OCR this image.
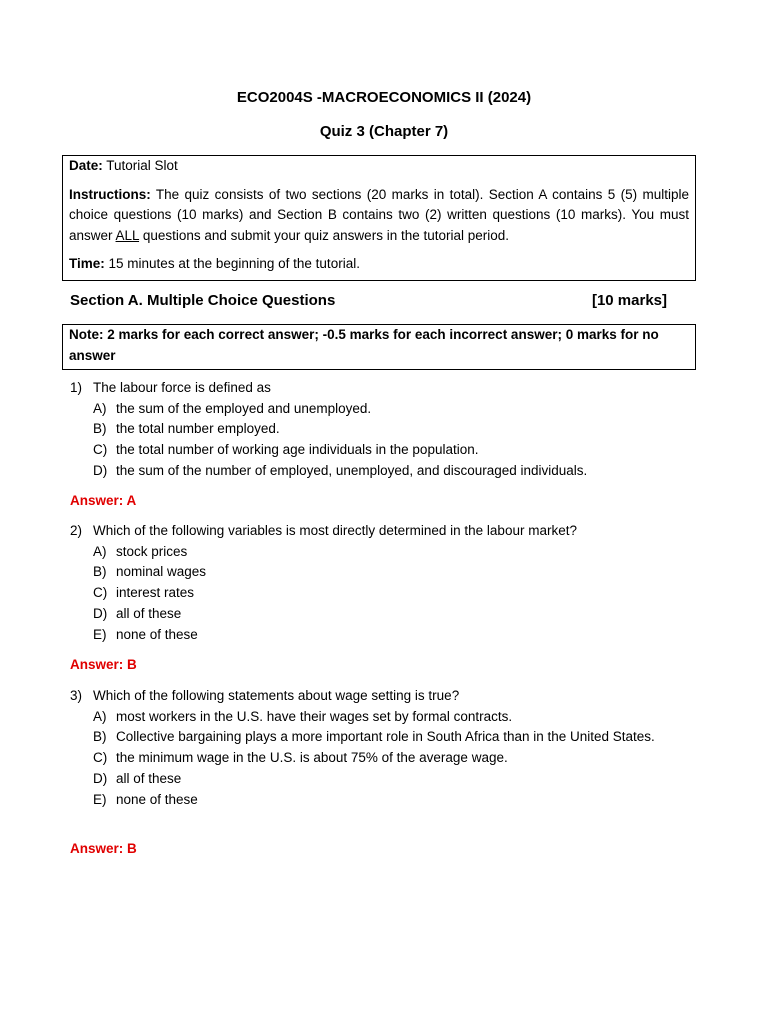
ECO2004S -MACROECONOMICS II (2024)
Quiz 3 (Chapter 7)

Date: Tutorial Slot

Instructions: The quiz consists of two sections (20 marks in total). Section A contains 5 (5) multiple choice questions (10 marks) and Section B contains two (2) written questions (10 marks). You must answer ALL questions and submit your quiz answers in the tutorial period.

Time: 15 minutes at the beginning of the tutorial.

Section A. Multiple Choice Questions	[10 marks]
Note: 2 marks for each correct answer; -0.5 marks for each incorrect answer; 0 marks for no answer
1) The labour force is defined as
A) the sum of the employed and unemployed.
B) the total number employed.
C) the total number of working age individuals in the population.
D) the sum of the number of employed, unemployed, and discouraged individuals.
Answer: A
2) Which of the following variables is most directly determined in the labour market?
A) stock prices
B) nominal wages
C) interest rates
D) all of these
E) none of these
Answer: B
3) Which of the following statements about wage setting is true?
A) most workers in the U.S. have their wages set by formal contracts.
B) Collective bargaining plays a more important role in South Africa than in the United States.
C) the minimum wage in the U.S. is about 75% of the average wage.
D) all of these
E) none of these
Answer: B
